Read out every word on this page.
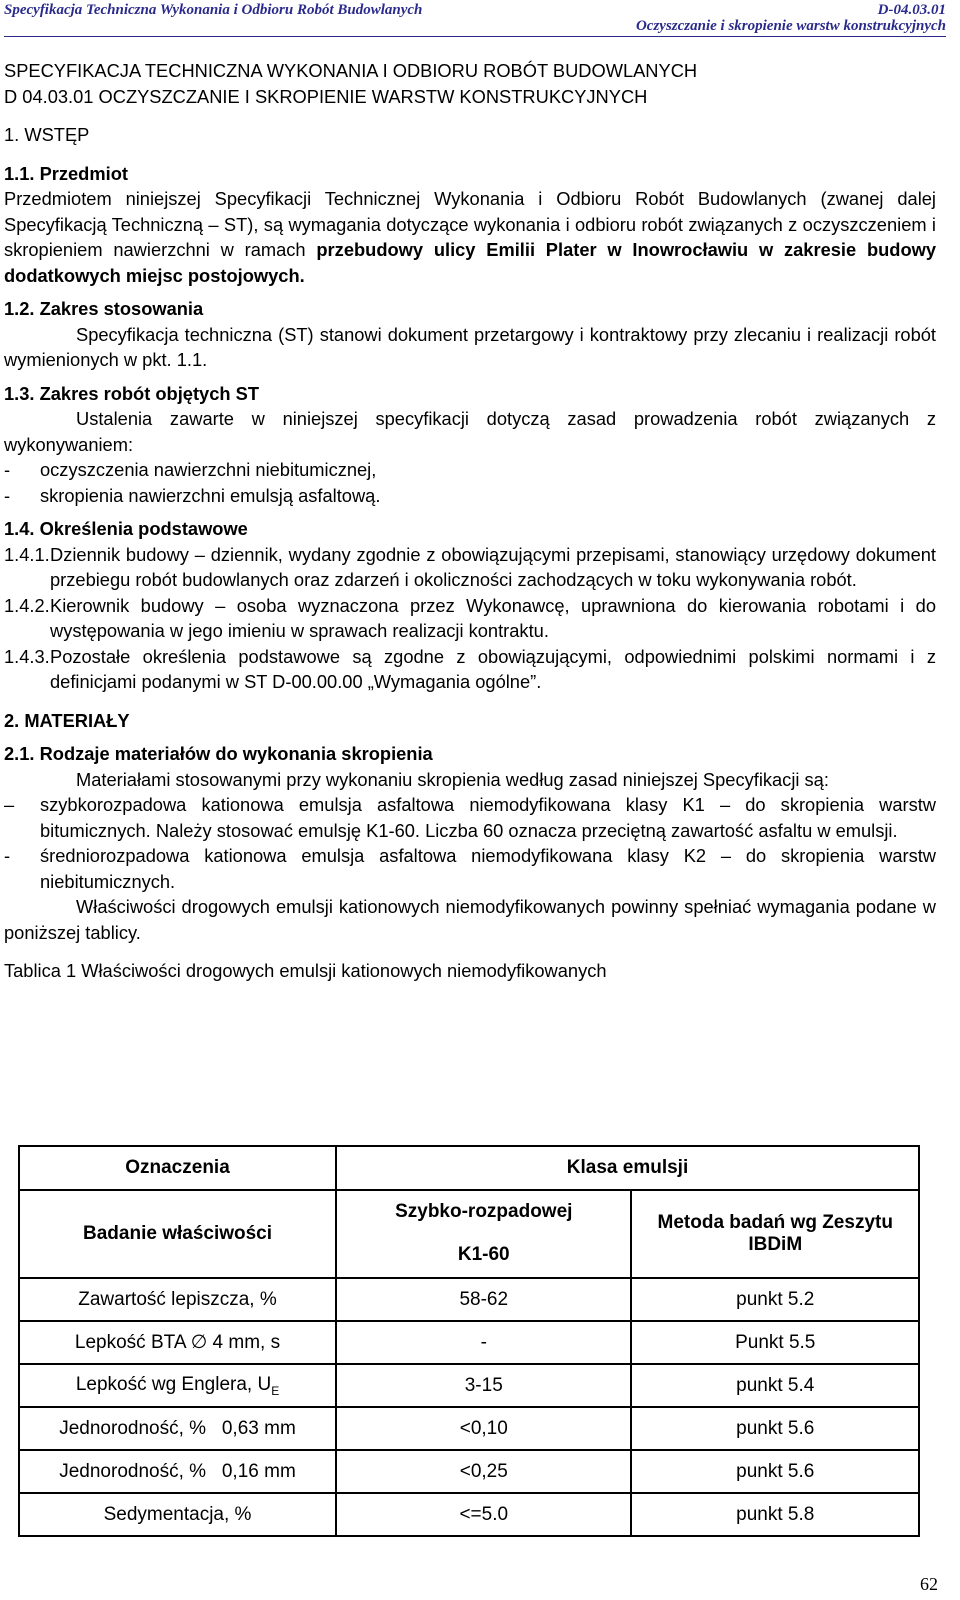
Specyfikacja Techniczna Wykonania i Odbioru Robót Budowlanych	D-04.03.01
Oczyszczanie i skropienie warstw konstrukcyjnych

SPECYFIKACJA TECHNICZNA WYKONANIA I ODBIORU ROBÓT BUDOWLANYCH

D 04.03.01 OCZYSZCZANIE I SKROPIENIE WARSTW KONSTRUKCYJNYCH

1. WSTĘP

1.1. Przedmiot

Przedmiotem niniejszej Specyfikacji Technicznej Wykonania i Odbioru Robót Budowlanych (zwanej dalej Specyfikacją Techniczną – ST), są wymagania dotyczące wykonania i odbioru robót związanych z oczyszczeniem i skropieniem nawierzchni w ramach przebudowy ulicy Emilii Plater w Inowrocławiu w zakresie budowy dodatkowych miejsc postojowych.

1.2. Zakres stosowania

Specyfikacja techniczna (ST) stanowi dokument przetargowy i kontraktowy przy zlecaniu i realizacji robót wymienionych w pkt. 1.1.

1.3. Zakres robót objętych ST

Ustalenia zawarte w niniejszej specyfikacji dotyczą zasad prowadzenia robót związanych z wykonywaniem:

-	oczyszczenia nawierzchni niebitumicznej,
-	skropienia nawierzchni emulsją asfaltową.

1.4. Określenia podstawowe

1.4.1. Dziennik budowy – dziennik, wydany zgodnie z obowiązującymi przepisami, stanowiący urzędowy dokument przebiegu robót budowlanych oraz zdarzeń i okoliczności zachodzących w toku wykonywania robót.
1.4.2. Kierownik budowy – osoba wyznaczona przez Wykonawcę, uprawniona do kierowania robotami i do występowania w jego imieniu w sprawach realizacji kontraktu.
1.4.3. Pozostałe określenia podstawowe są zgodne z obowiązującymi, odpowiednimi polskimi normami i z definicjami podanymi w ST D-00.00.00 „Wymagania ogólne”.

2. MATERIAŁY

2.1. Rodzaje materiałów do wykonania skropienia

Materiałami stosowanymi przy wykonaniu skropienia według zasad niniejszej Specyfikacji są:

–	szybkorozpadowa kationowa emulsja asfaltowa niemodyfikowana klasy K1 – do skropienia warstw bitumicznych. Należy stosować emulsję K1-60. Liczba 60 oznacza przeciętną zawartość asfaltu w emulsji.
-	średniorozpadowa kationowa emulsja asfaltowa niemodyfikowana klasy K2 – do skropienia warstw niebitumicznych.

Właściwości drogowych emulsji kationowych niemodyfikowanych powinny spełniać wymagania podane w poniższej tablicy.

Tablica 1 Właściwości drogowych emulsji kationowych niemodyfikowanych

Oznaczenia	Klasa emulsji	
Badanie właściwości	Szybko-rozpadowej	Metoda badań wg Zeszytu IBDiM
	K1-60	
Zawartość lepiszcza, %	58-62	punkt 5.2
Lepkość BTA ∅ 4 mm, s	-	Punkt 5.5
Lepkość wg Englera, $U_E$	3-15	punkt 5.4
Jednorodność, %   0,63 mm	<0,10	punkt 5.6
Jednorodność, %   0,16 mm	<0,25	punkt 5.6
Sedymentacja, %	<=5.0	punkt 5.8
62
